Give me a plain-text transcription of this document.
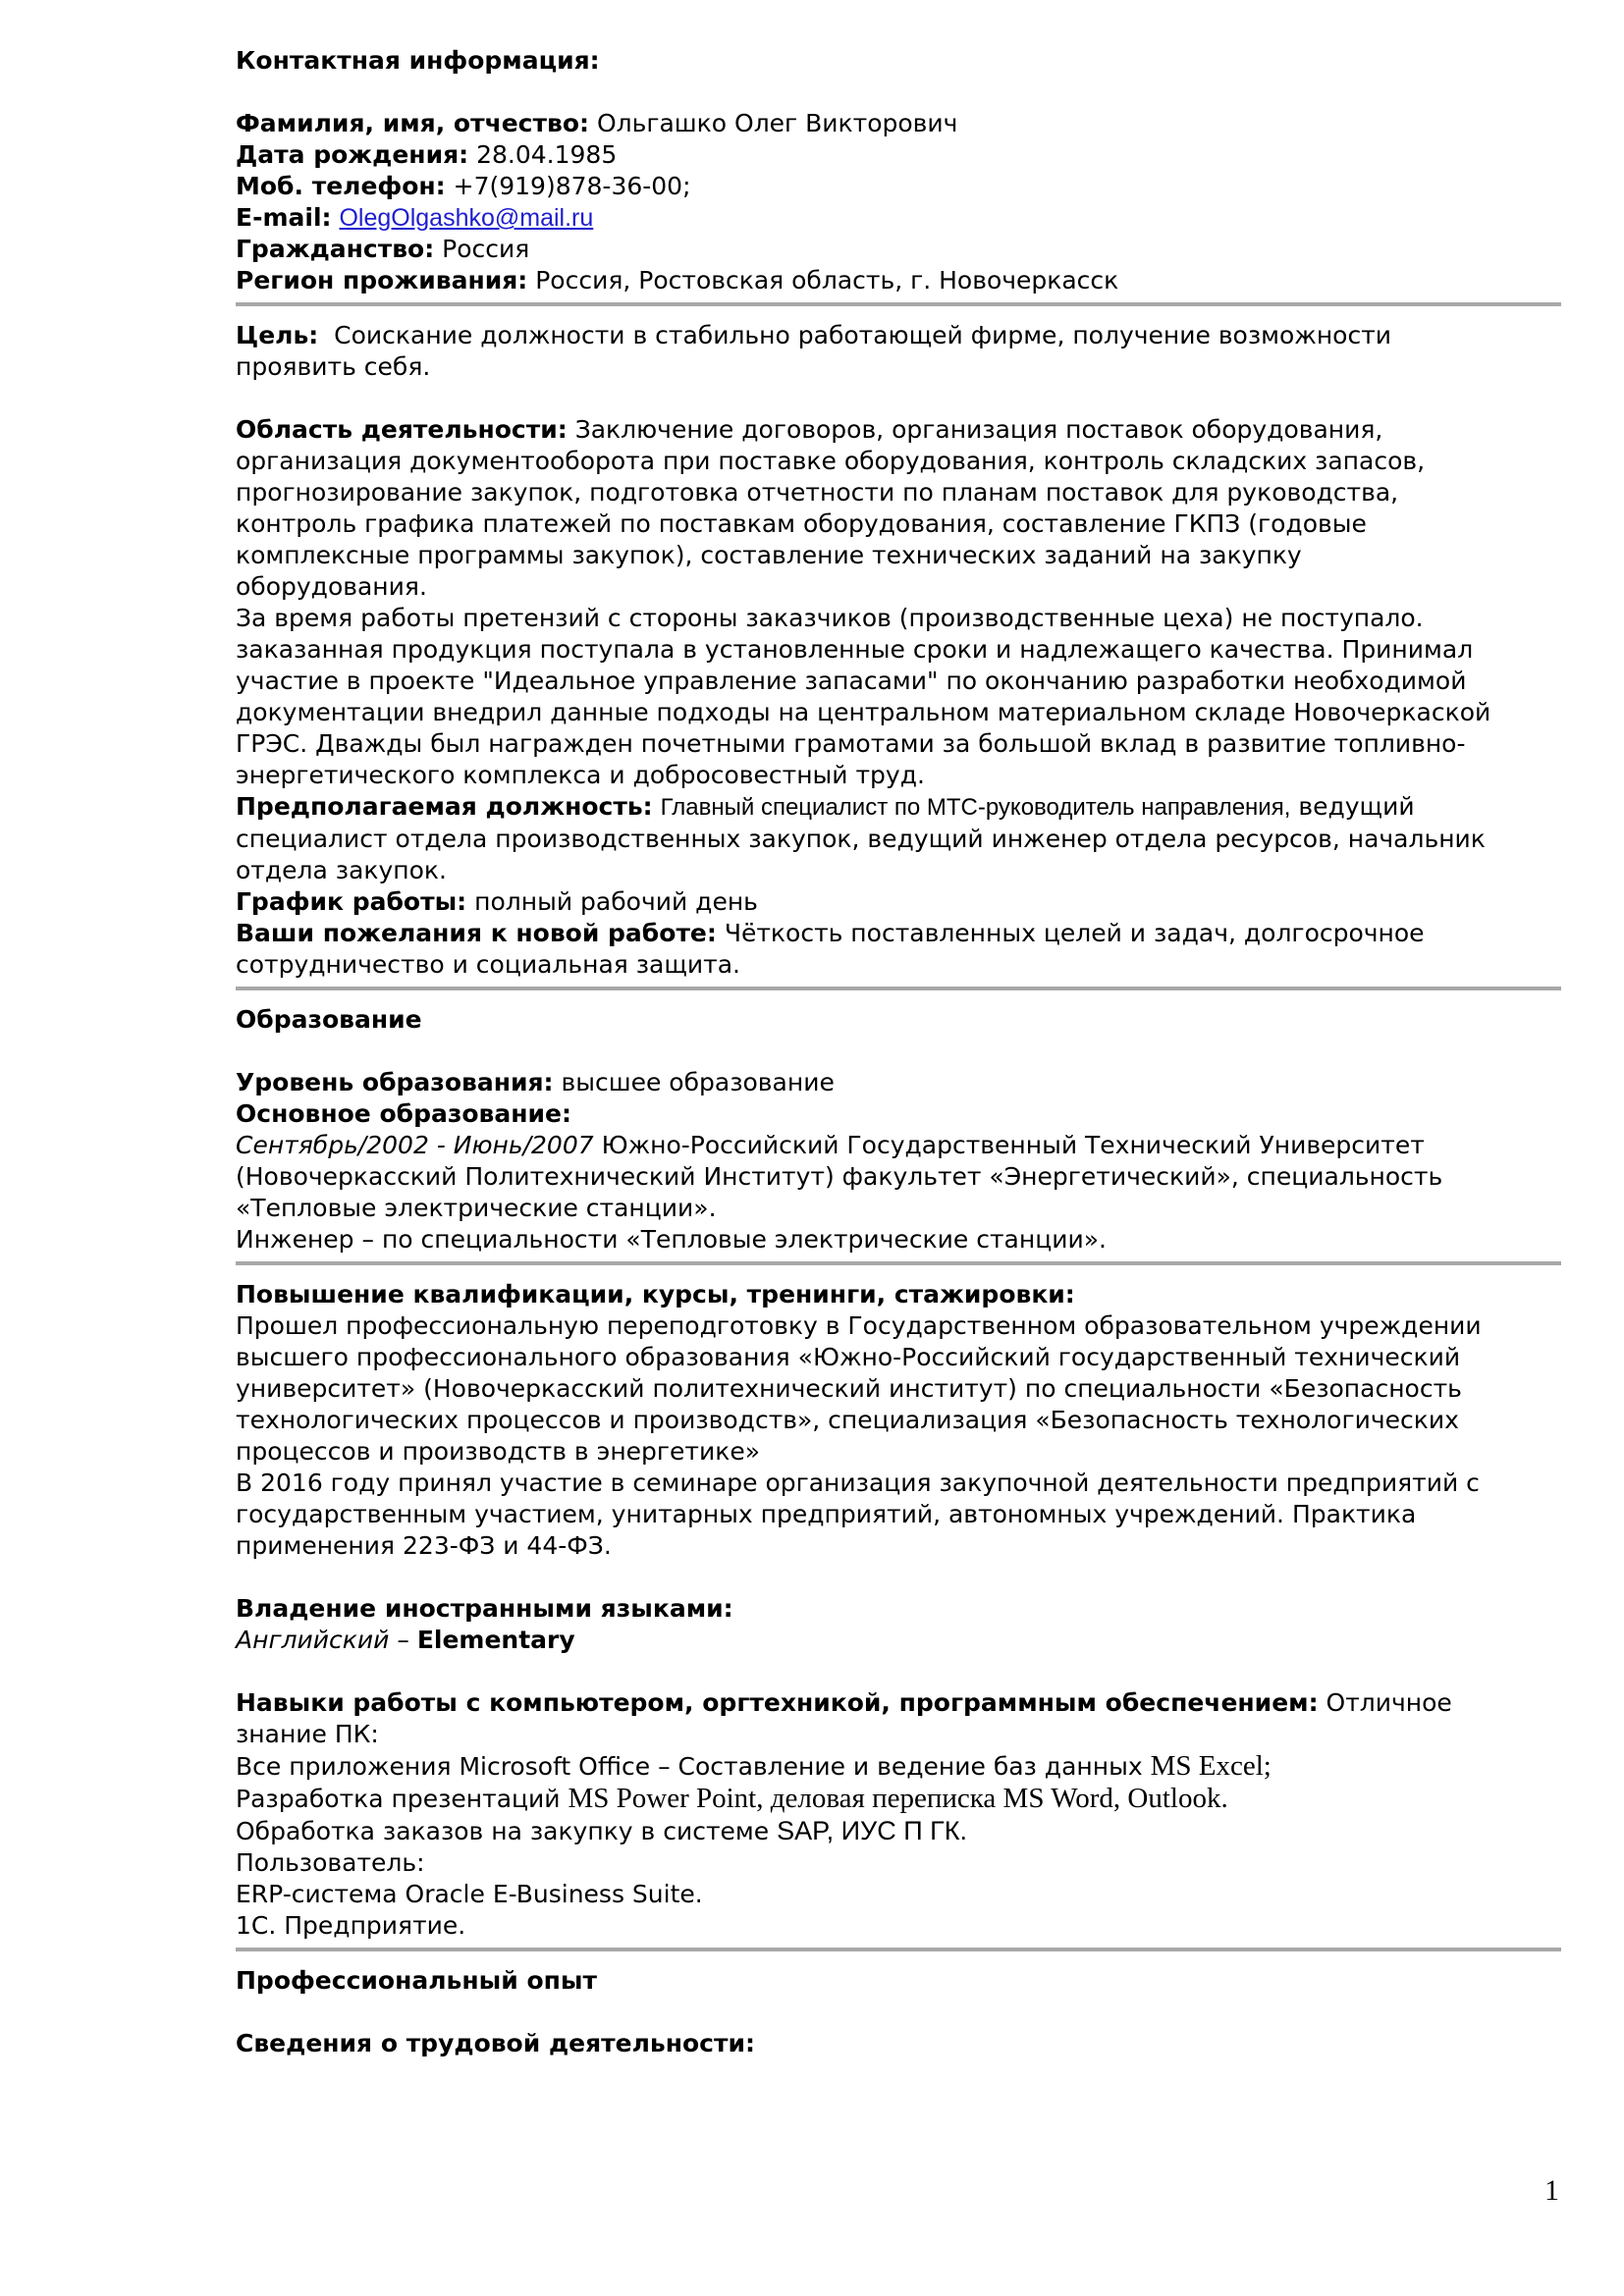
Контактная информация:

Фамилия, имя, отчество: Ольгашко Олег Викторович

Дата рождения: 28.04.1985

Моб. телефон: +7(919)878-36-00;

E-mail: OlegOlgashko@mail.ru

Гражданство: Россия

Регион проживания: Россия, Ростовская область, г. Новочеркасск

Цель: Соискание должности в стабильно работающей фирме, получение возможности

проявить себя.

Область деятельности: Заключение договоров, организация поставок оборудования,

организация документооборота при поставке оборудования, контроль складских запасов,

прогнозирование закупок, подготовка отчетности по планам поставок для руководства,

контроль графика платежей по поставкам оборудования, составление ГКПЗ (годовые

комплексные программы закупок), составление технических заданий на закупку

оборудования.

За время работы претензий с стороны заказчиков (производственные цеха) не поступало.

заказанная продукция поступала в установленные сроки и надлежащего качества. Принимал

участие в проекте "Идеальное управление запасами" по окончанию разработки необходимой

документации внедрил данные подходы на центральном материальном складе Новочеркаской

ГРЭС. Дважды был награжден почетными грамотами за большой вклад в развитие топливно-

энергетического комплекса и добросовестный труд.

Предполагаемая должность: Главный специалист по МТС-руководитель направления, ведущий

специалист отдела производственных закупок, ведущий инженер отдела ресурсов, начальник

отдела закупок.

График работы: полный рабочий день

Ваши пожелания к новой работе: Чёткость поставленных целей и задач, долгосрочное

сотрудничество и социальная защита.

Образование

Уровень образования: высшее образование

Основное образование:

Сентябрь/2002 - Июнь/2007 Южно-Российский Государственный Технический Университет

(Новочеркасский Политехнический Институт) факультет «Энергетический», специальность

«Тепловые электрические станции».

Инженер – по специальности «Тепловые электрические станции».

Повышение квалификации, курсы, тренинги, стажировки:

Прошел профессиональную переподготовку в Государственном образовательном учреждении

высшего профессионального образования «Южно-Российский государственный технический

университет» (Новочеркасский политехнический институт) по специальности «Безопасность

технологических процессов и производств», специализация «Безопасность технологических

процессов и производств в энергетике»

В 2016 году принял участие в семинаре организация закупочной деятельности предприятий с

государственным участием, унитарных предприятий, автономных учреждений. Практика

применения 223-ФЗ и 44-ФЗ.

Владение иностранными языками:

Английский – Elementary

Навыки работы с компьютером, оргтехникой, программным обеспечением: Отличное

знание ПК:

Все приложения Microsoft Office – Составление и ведение баз данных MS Excel;

Разработка презентаций MS Power Point, деловая переписка MS Word, Outlook.

Обработка заказов на закупку в системе SAP, ИУС П ГК.

Пользователь:

ERP-система Oracle E-Business Suite.

1С. Предприятие.

Профессиональный опыт

Сведения о трудовой деятельности:

1
